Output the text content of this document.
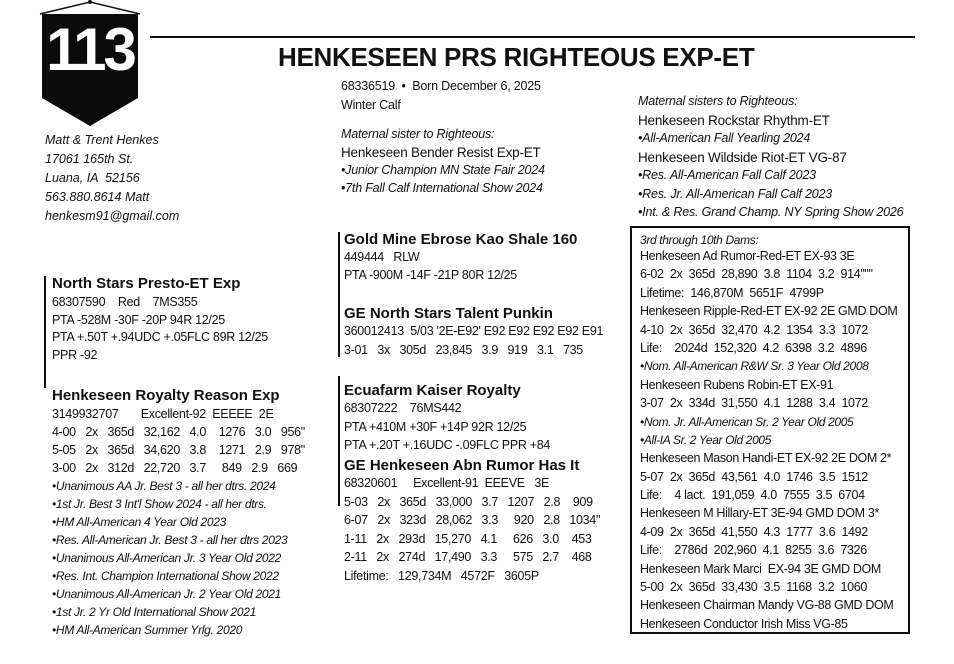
113	HENKESEEN PRS RIGHTEOUS EXP-ET
Matt & Trent Henkes
17061 165th St.
Luana, IA  52156
563.880.8614 Matt
henkesm91@gmail.com
68336519  •  Born December 6, 2025
Winter Calf
Maternal sister to Righteous:
Henkeseen Bender Resist Exp-ET
•Junior Champion MN State Fair 2024
•7th Fall Calf International Show 2024
Maternal sisters to Righteous:
Henkeseen Rockstar Rhythm-ET
•All-American Fall Yearling 2024
Henkeseen Wildside Riot-ET VG-87
•Res. All-American Fall Calf 2023
•Res. Jr. All-American Fall Calf 2023
•Int. & Res. Grand Champ. NY Spring Show 2026
North Stars Presto-ET Exp
68307590    Red    7MS355
PTA -528M -30F -20P 94R 12/25
PTA +.50T +.94UDC +.05FLC 89R 12/25
PPR -92
Henkeseen Royalty Reason Exp
3149932707       Excellent-92  EEEEE  2E
4-00   2x   365d   32,162   4.0    1276   3.0   956"
5-05   2x   365d   34,620   3.8    1271   2.9   978"
3-00   2x   312d   22,720   3.7     849   2.9   669
•Unanimous AA Jr. Best 3 - all her dtrs. 2024
•1st Jr. Best 3 Int'l Show 2024 - all her dtrs.
•HM All-American 4 Year Old 2023
•Res. All-American Jr. Best 3 - all her dtrs 2023
•Unanimous All-American Jr. 3 Year Old 2022
•Res. Int. Champion International Show 2022
•Unanimous All-American Jr. 2 Year Old 2021
•1st Jr. 2 Yr Old International Show 2021
•HM All-American Summer Yrlg. 2020
Gold Mine Ebrose Kao Shale 160
449444   RLW
PTA -900M -14F -21P 80R 12/25
GE North Stars Talent Punkin
360012413  5/03 '2E-E92' E92 E92 E92 E92 E91
3-01   3x   305d   23,845   3.9   919   3.1   735
Ecuafarm Kaiser Royalty
68307222    76MS442
PTA +410M +30F +14P 92R 12/25
PTA +.20T +.16UDC -.09FLC PPR +84
GE Henkeseen Abn Rumor Has It
68320601     Excellent-91  EEEVE   3E
5-03   2x   365d   33,000   3.7   1207   2.8    909
6-07   2x   323d   28,062   3.3     920   2.8   1034"
1-11   2x   293d   15,270   4.1     626   3.0    453
2-11   2x   274d   17,490   3.3     575   2.7    468
Lifetime:   129,734M   4572F   3605P
3rd through 10th Dams:
Henkeseen Ad Rumor-Red-ET EX-93 3E
6-02  2x  365d  28,890  3.8  1104  3.2  914"""
Lifetime:  146,870M  5651F  4799P
Henkeseen Ripple-Red-ET EX-92 2E GMD DOM
4-10  2x  365d  32,470  4.2  1354  3.3  1072
Life:    2024d  152,320  4.2  6398  3.2  4896
•Nom. All-American R&W Sr. 3 Year Old 2008
Henkeseen Rubens Robin-ET EX-91
3-07  2x  334d  31,550  4.1  1288  3.4  1072
•Nom. Jr. All-American Sr. 2 Year Old 2005
•All-IA Sr. 2 Year Old 2005
Henkeseen Mason Handi-ET EX-92 2E DOM 2*
5-07  2x  365d  43,561  4.0  1746  3.5  1512
Life:    4 lact.  191,059  4.0  7555  3.5  6704
Henkeseen M Hillary-ET 3E-94 GMD DOM 3*
4-09  2x  365d  41,550  4.3  1777  3.6  1492
Life:    2786d  202,960  4.1  8255  3.6  7326
Henkeseen Mark Marci  EX-94 3E GMD DOM
5-00  2x  365d  33,430  3.5  1168  3.2  1060
Henkeseen Chairman Mandy VG-88 GMD DOM
Henkeseen Conductor Irish Miss VG-85
